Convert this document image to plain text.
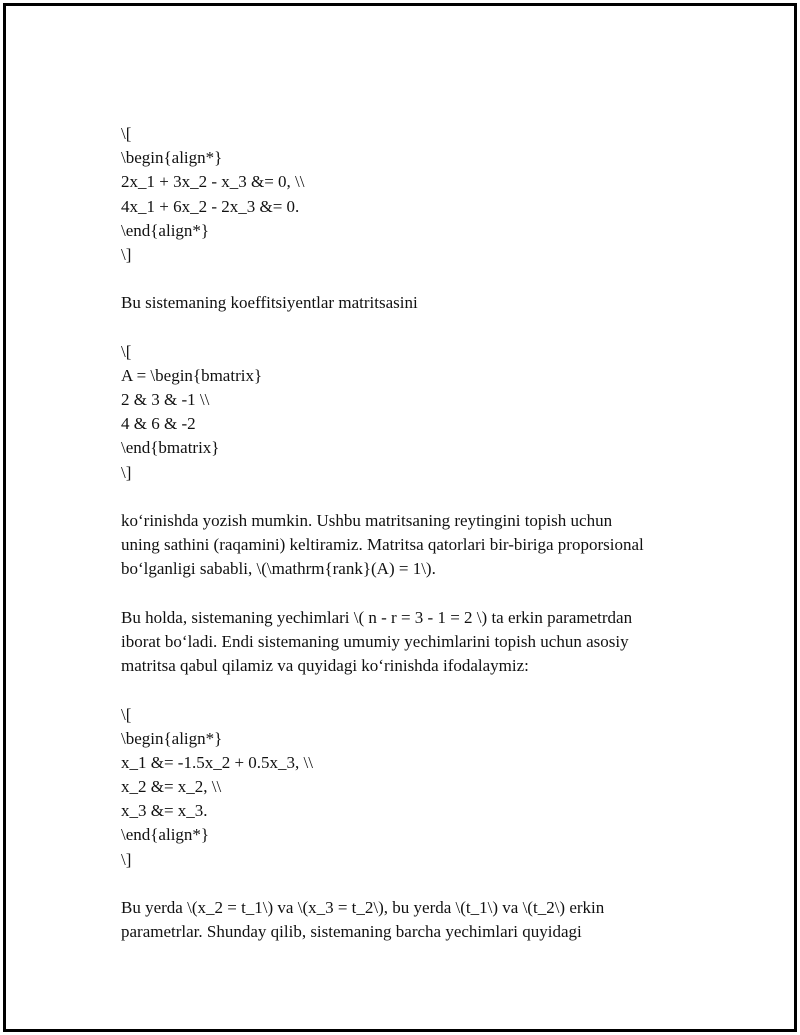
\[
\begin{align*}
2x_1 + 3x_2 - x_3 &= 0, \\
4x_1 + 6x_2 - 2x_3 &= 0.
\end{align*}
\]
Bu sistemaning koeffitsiyentlar matritsasini
\[
A = \begin{bmatrix}
2 & 3 & -1 \\
4 & 6 & -2
\end{bmatrix}
\]
ko‘rinishda yozish mumkin. Ushbu matritsaning reytingini topish uchun
uning sathini (raqamini) keltiramiz. Matritsa qatorlari bir-biriga proporsional
bo‘lganligi sababli, \(\mathrm{rank}(A) = 1\).
Bu holda, sistemaning yechimlari \( n - r = 3 - 1 = 2 \) ta erkin parametrdan
iborat bo‘ladi. Endi sistemaning umumiy yechimlarini topish uchun asosiy
matritsa qabul qilamiz va quyidagi ko‘rinishda ifodalaymiz:
\[
\begin{align*}
x_1 &= -1.5x_2 + 0.5x_3, \\
x_2 &= x_2, \\
x_3 &= x_3.
\end{align*}
\]
Bu yerda \(x_2 = t_1\) va \(x_3 = t_2\), bu yerda \(t_1\) va \(t_2\) erkin
parametrlar. Shunday qilib, sistemaning barcha yechimlari quyidagi
